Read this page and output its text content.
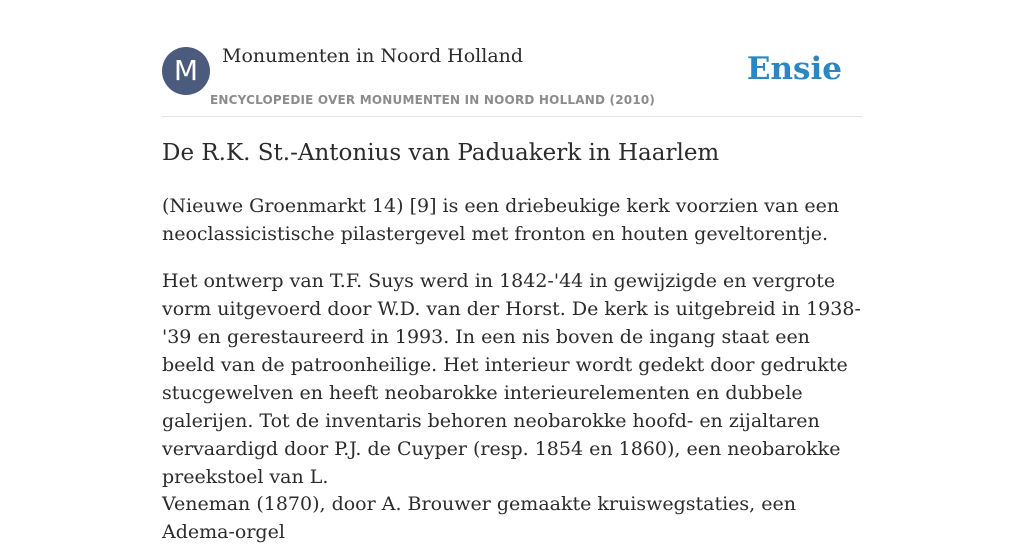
M	Monumenten in Noord Holland
ENCYCLOPEDIE OVER MONUMENTEN IN NOORD HOLLAND (2010)
Ensie
De R.K. St.-Antonius van Paduakerk in Haarlem

(Nieuwe Groenmarkt 14) [9] is een driebeukige kerk voorzien van een neoclassicistische pilastergevel met fronton en houten geveltorentje.

Het ontwerp van T.F. Suys werd in 1842-'44 in gewijzigde en vergrote vorm uitgevoerd door W.D. van der Horst. De kerk is uitgebreid in 1938-'39 en gerestaureerd in 1993. In een nis boven de ingang staat een beeld van de patroonheilige. Het interieur wordt gedekt door gedrukte stucgewelven en heeft neobarokke interieurelementen en dubbele galerijen. Tot de inventaris behoren neobarokke hoofd- en zijaltaren vervaardigd door P.J. de Cuyper (resp. 1854 en 1860), een neobarokke preekstoel van L.

Veneman (1870), door A. Brouwer gemaakte kruiswegstaties, een Adema-orgel
